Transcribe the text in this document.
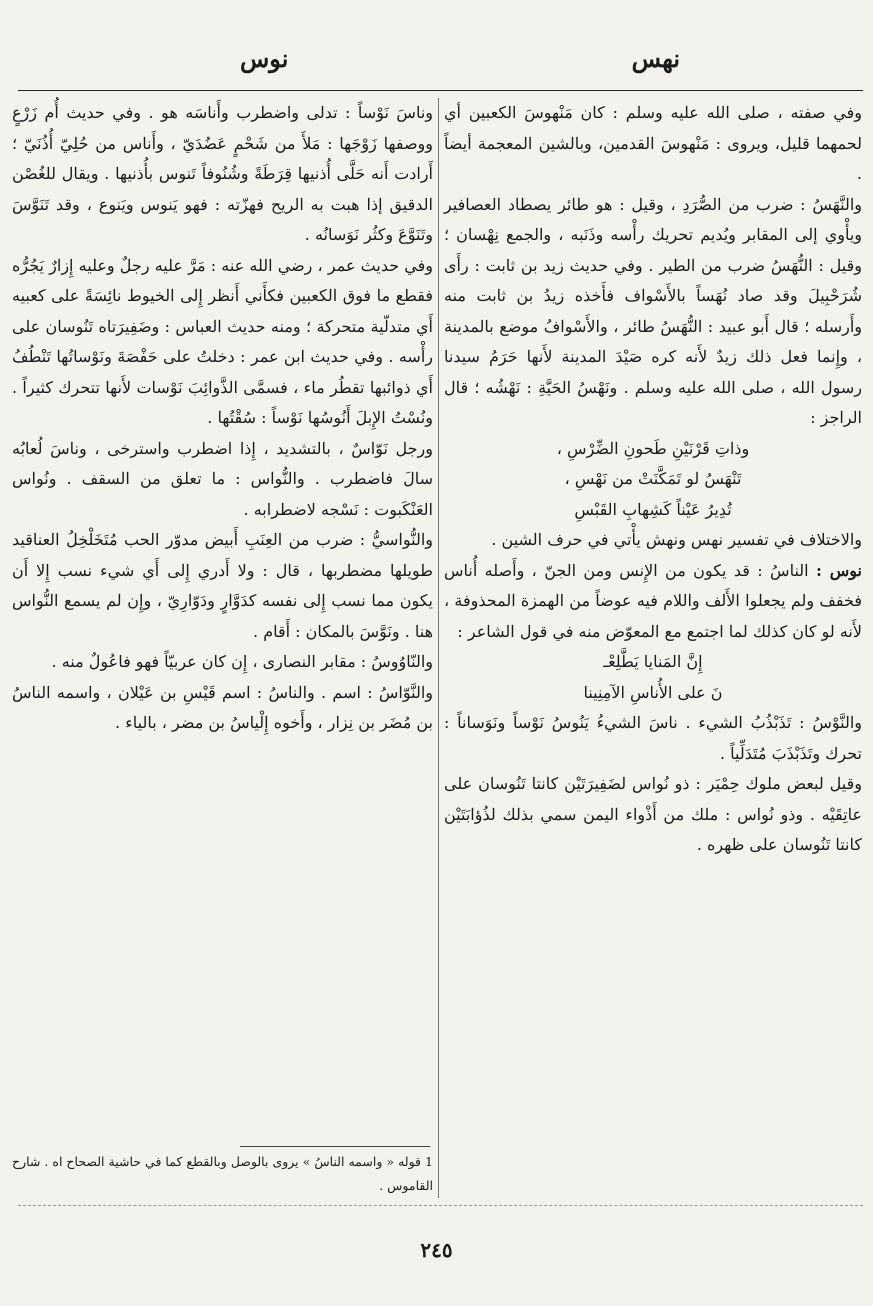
نهس
نوس

وفي صفته ، صلى الله عليه وسلم : كان مَنْهوسَ الكعبين أي لحمهما قليل، ويروى : مَنْهوسَ القدمين، وبالشين المعجمة أيضاً .

والنَّهَسُ : ضرب من الصُّرَدِ ، وقيل : هو طائر يصطاد العصافير ويأْوي إلى المقابر ويُديم تحريك رأْسه وذَنَبه ، والجمع نِهْسان ؛ وقيل : النُّهَسُ ضرب من الطير . وفي حديث زيد بن ثابت : رأَى شُرَحْبِيلَ وقد صاد نُهَساً بالأَسْواف فأَخذه زيدُ بن ثابت منه وأَرسله ؛ قال أَبو عبيد : النُّهَسُ طائر ، والأَسْوافُ موضع بالمدينة ، وإِنما فعل ذلك زيدٌ لأَنه كره صَيْدَ المدينة لأَنها حَرَمُ سيدنا رسول الله ، صلى الله عليه وسلم . ونَهْسُ الحَيَّةِ : نَهْشُه ؛ قال الراجز :

وذاتِ قَرْنَيْنِ طَحونِ الضِّرْسِ ،

تَنْهَسُ لو تَمَكَّنَتْ من نَهْسِ ،

تُدِيرُ عَيْناً كَشِهابِ القَبْسِ

والاختلاف في تفسير نهس ونهش يأْتي في حرف الشين .

نوس : الناسُ : قد يكون من الإِنس ومن الجنّ ، وأَصله أُناس فخفف ولم يجعلوا الأَلف واللام فيه عوضاً من الهمزة المحذوفة ، لأَنه لو كان كذلك لما اجتمع مع المعوّض منه في قول الشاعر :

إِنَّ المَنايا يَطَّلِعْـ

نَ على الأُناسِ الآمِنِينا

والنَّوْسُ : تَذَبْذُبُ الشيء . ناسَ الشيءُ يَنُوسُ نَوْساً ونَوَساناً : تحرك وتَذَبْذَبَ مُتَدَلِّياً .

وقيل لبعض ملوك حِمْيَر : ذو نُواس لضَفِيرَتَيْن كانتا تَنُوسان على عاتِقَيْه . وذو نُواس : ملك من أَذْواء اليمن سمي بذلك لذُؤابَتَيْن كانتا تَنُوسان على ظهره .

وناسَ نَوْساً : تدلى واضطرب وأَناسَه هو . وفي حديث أُم زَرْعٍ ووصفها زَوْجَها : مَلأَ من شَحْمٍ عَضُدَيّ ، وأَناس من حُلِيّ أُذُنَيّ ؛ أَرادت أَنه حَلَّى أُذنيها قِرَطَةً وشُنُوفاً تَنوس بأُذنيها . ويقال للغُصْن الدقيق إذا هبت به الريح فهزّته : فهو يَنوس ويَنوع ، وقد تَنَوَّسَ وتَنَوَّعَ وكثُر نَوَسانُه .

وفي حديث عمر ، رضي الله عنه : مَرَّ عليه رجلٌ وعليه إِزارٌ يَجُرُّه فقطع ما فوق الكعبين فكأَني أَنظر إِلى الخيوط نائِسَةً على كعبيه أَي متدلّية متحركة ؛ ومنه حديث العباس : وضَفِيرَتاه تَنُوسان على رأْسه . وفي حديث ابن عمر : دخلتُ على حَفْصَةَ ونَوْساتُها تَنْطُفُ أَي ذوائبها تقطُر ماء ، فسمَّى الذَّوائِبَ نَوْسات لأَنها تتحرك كثيراً . ونُسْتُ الإِبلَ أَنُوسُها نَوْساً : سُقْتُها .

ورجل نَوّاسٌ ، بالتشديد ، إِذا اضطرب واسترخى ، وناسَ لُعابُه سالَ فاضطرب . والنُّواس : ما تعلق من السقف . ونُواس العَنْكَبوت : نَسْجه لاضطرابه .

والنُّواسيُّ : ضرب من العِنَبِ أَبيض مدوّر الحب مُتَخَلْخِلُ العناقيد طويلها مضطربها ، قال : ولا أَدري إِلى أَي شيء نسب إِلا أَن يكون مما نسب إِلى نفسه كدَوَّارٍ ودَوّارِيّ ، وإِن لم يسمع النُّواس هنا . ونَوَّسَ بالمكان : أَقام .

والنّاوُوسُ : مقابر النصارى ، إِن كان عربيّاً فهو فاعُولٌ منه .

والنَّوّاسُ : اسم . والناسُ : اسم قَيْسِ بن عَيْلان ، واسمه الناسُ بن مُضَر بن نِزار ، وأَخوه إِلْياسُ بن مضر ، بالياء .

1 قوله « واسمه الناسُ » يروى بالوصل وبالقطع كما في حاشية الصحاح اه . شارح القاموس .
٢٤٥
